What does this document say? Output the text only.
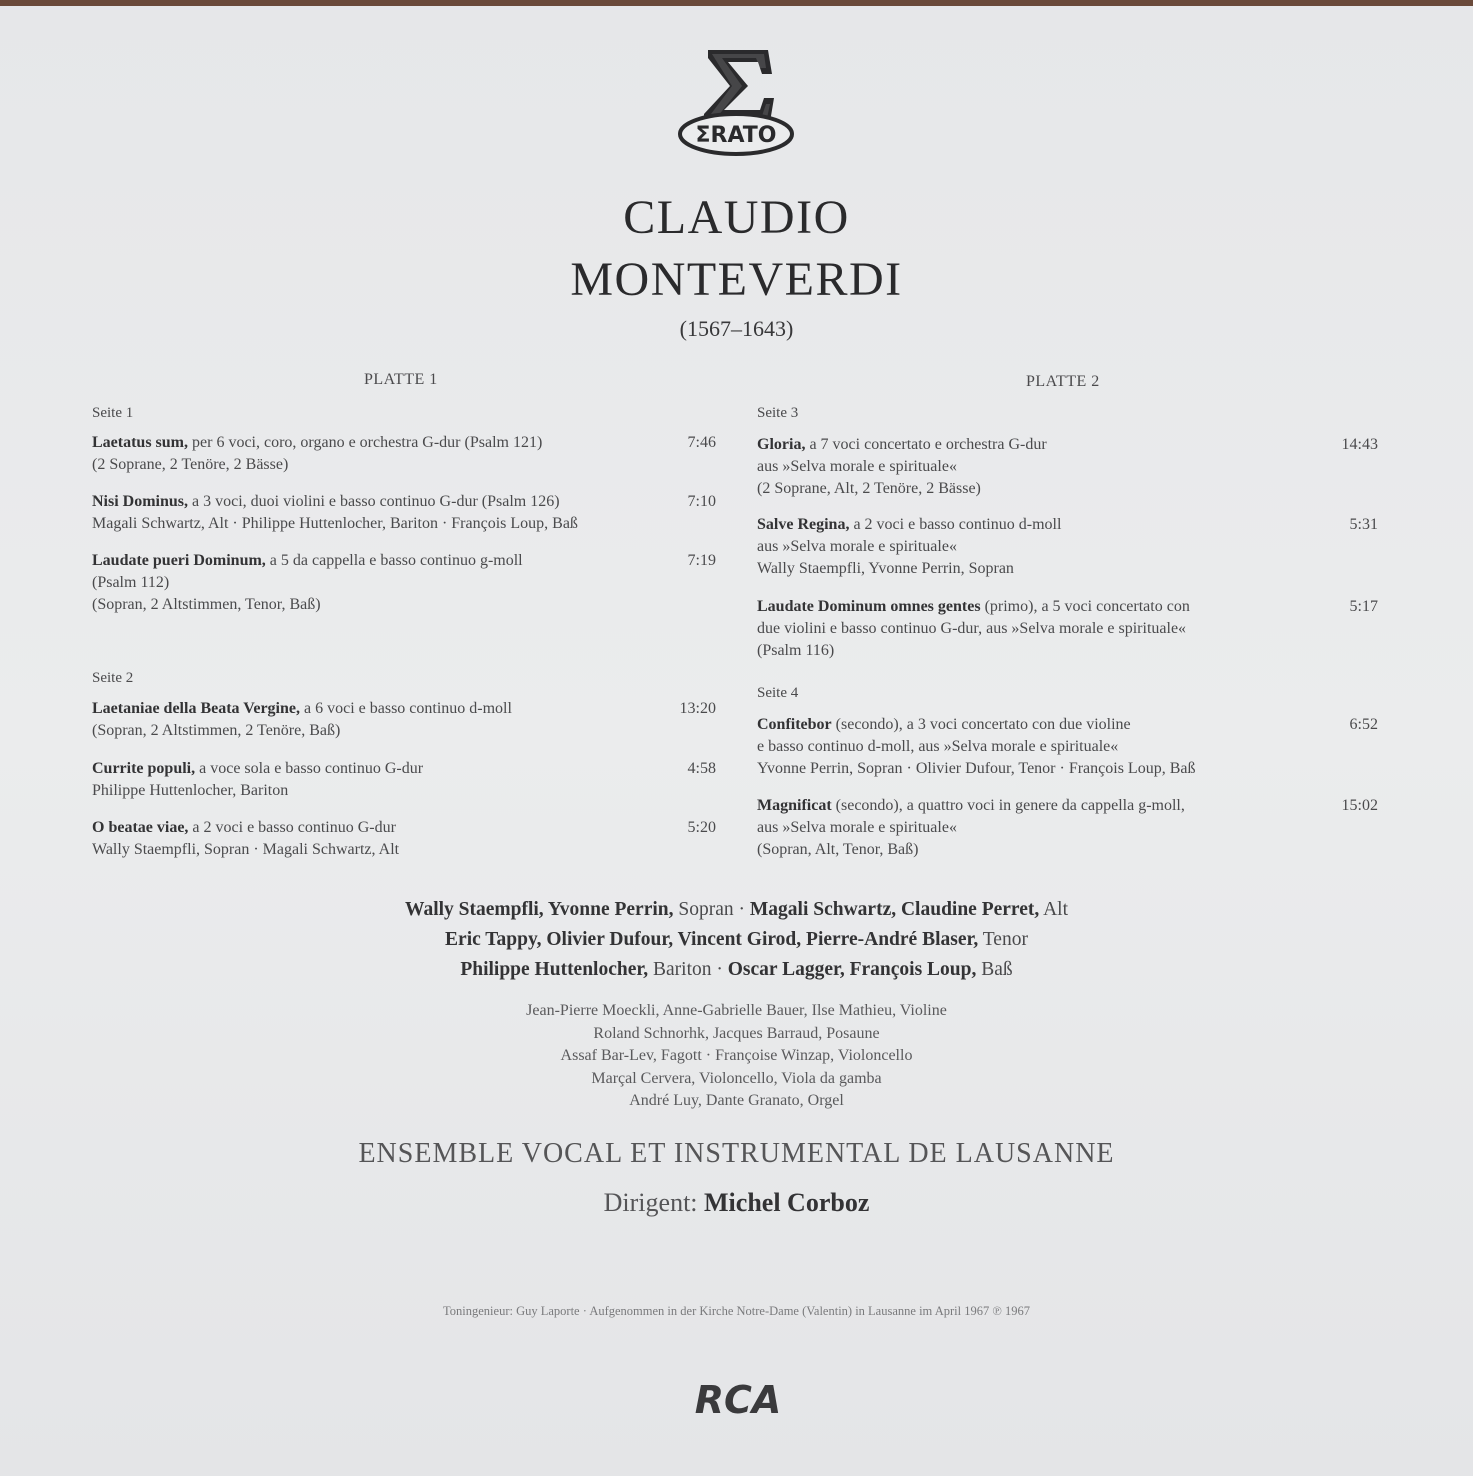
ΣRATO
CLAUDIO
MONTEVERDI
(1567–1643)
PLATTE 1
Seite 1
Laetatus sum, per 6 voci, coro, organo e orchestra G-dur (Psalm 121)
(2 Soprane, 2 Tenöre, 2 Bässe)
7:46
Nisi Dominus, a 3 voci, duoi violini e basso continuo G-dur (Psalm 126)
Magali Schwartz, Alt · Philippe Huttenlocher, Bariton · François Loup, Baß
7:10
Laudate pueri Dominum, a 5 da cappella e basso continuo g-moll
(Psalm 112)
(Sopran, 2 Altstimmen, Tenor, Baß)
7:19
Seite 2
Laetaniae della Beata Vergine, a 6 voci e basso continuo d-moll
(Sopran, 2 Altstimmen, 2 Tenöre, Baß)
13:20
Currite populi, a voce sola e basso continuo G-dur
Philippe Huttenlocher, Bariton
4:58
O beatae viae, a 2 voci e basso continuo G-dur
Wally Staempfli, Sopran · Magali Schwartz, Alt
5:20
PLATTE 2
Seite 3
Gloria, a 7 voci concertato e orchestra G-dur
aus »Selva morale e spirituale«
(2 Soprane, Alt, 2 Tenöre, 2 Bässe)
14:43
Salve Regina, a 2 voci e basso continuo d-moll
aus »Selva morale e spirituale«
Wally Staempfli, Yvonne Perrin, Sopran
5:31
Laudate Dominum omnes gentes (primo), a 5 voci concertato con
due violini e basso continuo G-dur, aus »Selva morale e spirituale«
(Psalm 116)
5:17
Seite 4
Confitebor (secondo), a 3 voci concertato con due violine
e basso continuo d-moll, aus »Selva morale e spirituale«
Yvonne Perrin, Sopran · Olivier Dufour, Tenor · François Loup, Baß
6:52
Magnificat (secondo), a quattro voci in genere da cappella g-moll,
aus »Selva morale e spirituale«
(Sopran, Alt, Tenor, Baß)
15:02
Wally Staempfli, Yvonne Perrin, Sopran · Magali Schwartz, Claudine Perret, Alt
Eric Tappy, Olivier Dufour, Vincent Girod, Pierre-André Blaser, Tenor
Philippe Huttenlocher, Bariton · Oscar Lagger, François Loup, Baß
Jean-Pierre Moeckli, Anne-Gabrielle Bauer, Ilse Mathieu, Violine
Roland Schnorhk, Jacques Barraud, Posaune
Assaf Bar-Lev, Fagott · Françoise Winzap, Violoncello
Marçal Cervera, Violoncello, Viola da gamba
André Luy, Dante Granato, Orgel
ENSEMBLE VOCAL ET INSTRUMENTAL DE LAUSANNE
Dirigent: Michel Corboz
Toningenieur: Guy Laporte · Aufgenommen in der Kirche Notre-Dame (Valentin) in Lausanne im April 1967 ℗ 1967
RCA
